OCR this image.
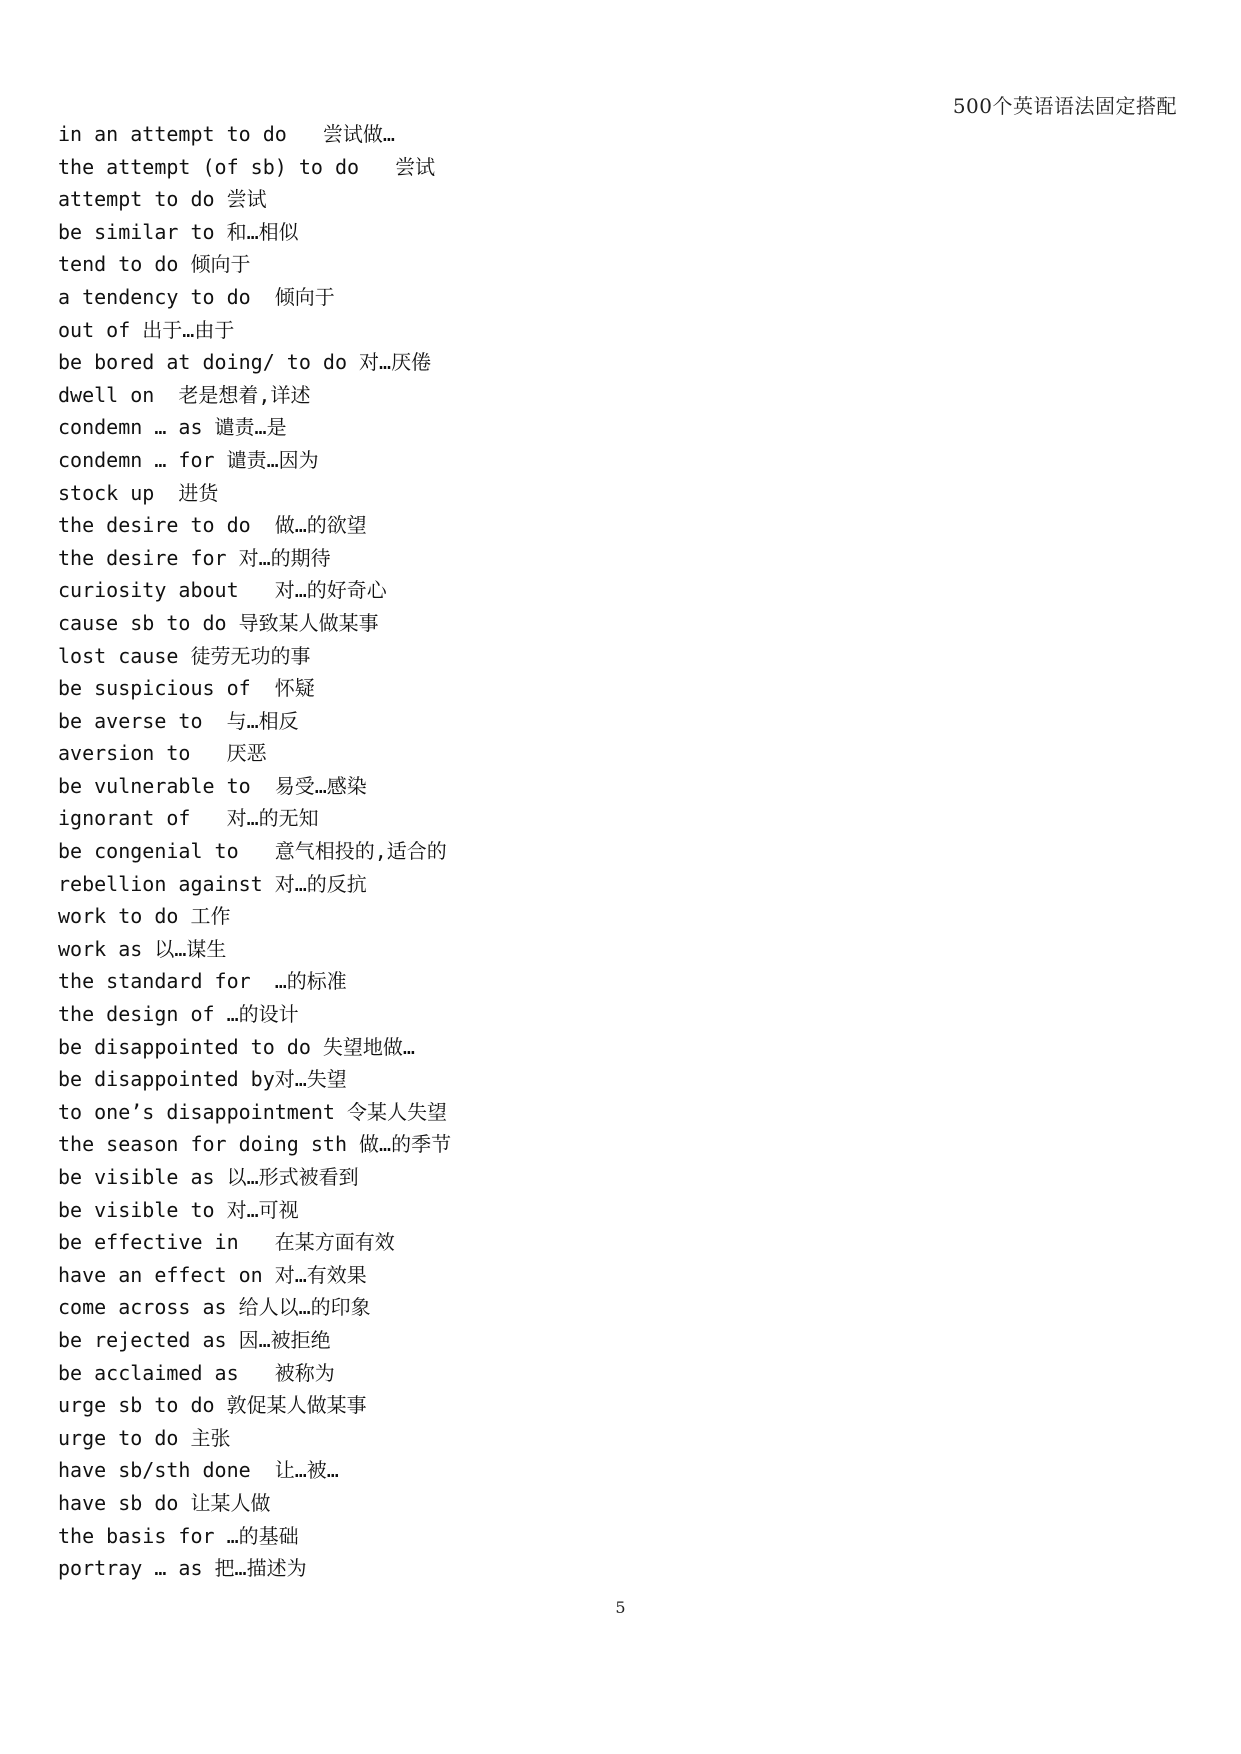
500个英语语法固定搭配
in an attempt to do   尝试做…
the attempt (of sb) to do   尝试
attempt to do 尝试
be similar to 和…相似
tend to do 倾向于
a tendency to do  倾向于
out of 出于…由于
be bored at doing/ to do 对…厌倦
dwell on  老是想着,详述
condemn … as 谴责…是
condemn … for 谴责…因为
stock up  进货
the desire to do  做…的欲望
the desire for 对…的期待
curiosity about   对…的好奇心
cause sb to do 导致某人做某事
lost cause 徒劳无功的事
be suspicious of  怀疑
be averse to  与…相反
aversion to   厌恶
be vulnerable to  易受…感染
ignorant of   对…的无知
be congenial to   意气相投的,适合的
rebellion against 对…的反抗
work to do 工作
work as 以…谋生
the standard for  …的标准
the design of …的设计
be disappointed to do 失望地做…
be disappointed by对…失望
to one’s disappointment 令某人失望
the season for doing sth 做…的季节
be visible as 以…形式被看到
be visible to 对…可视
be effective in   在某方面有效
have an effect on 对…有效果
come across as 给人以…的印象
be rejected as 因…被拒绝
be acclaimed as   被称为
urge sb to do 敦促某人做某事
urge to do 主张
have sb/sth done  让…被…
have sb do 让某人做
the basis for …的基础
portray … as 把…描述为
5
